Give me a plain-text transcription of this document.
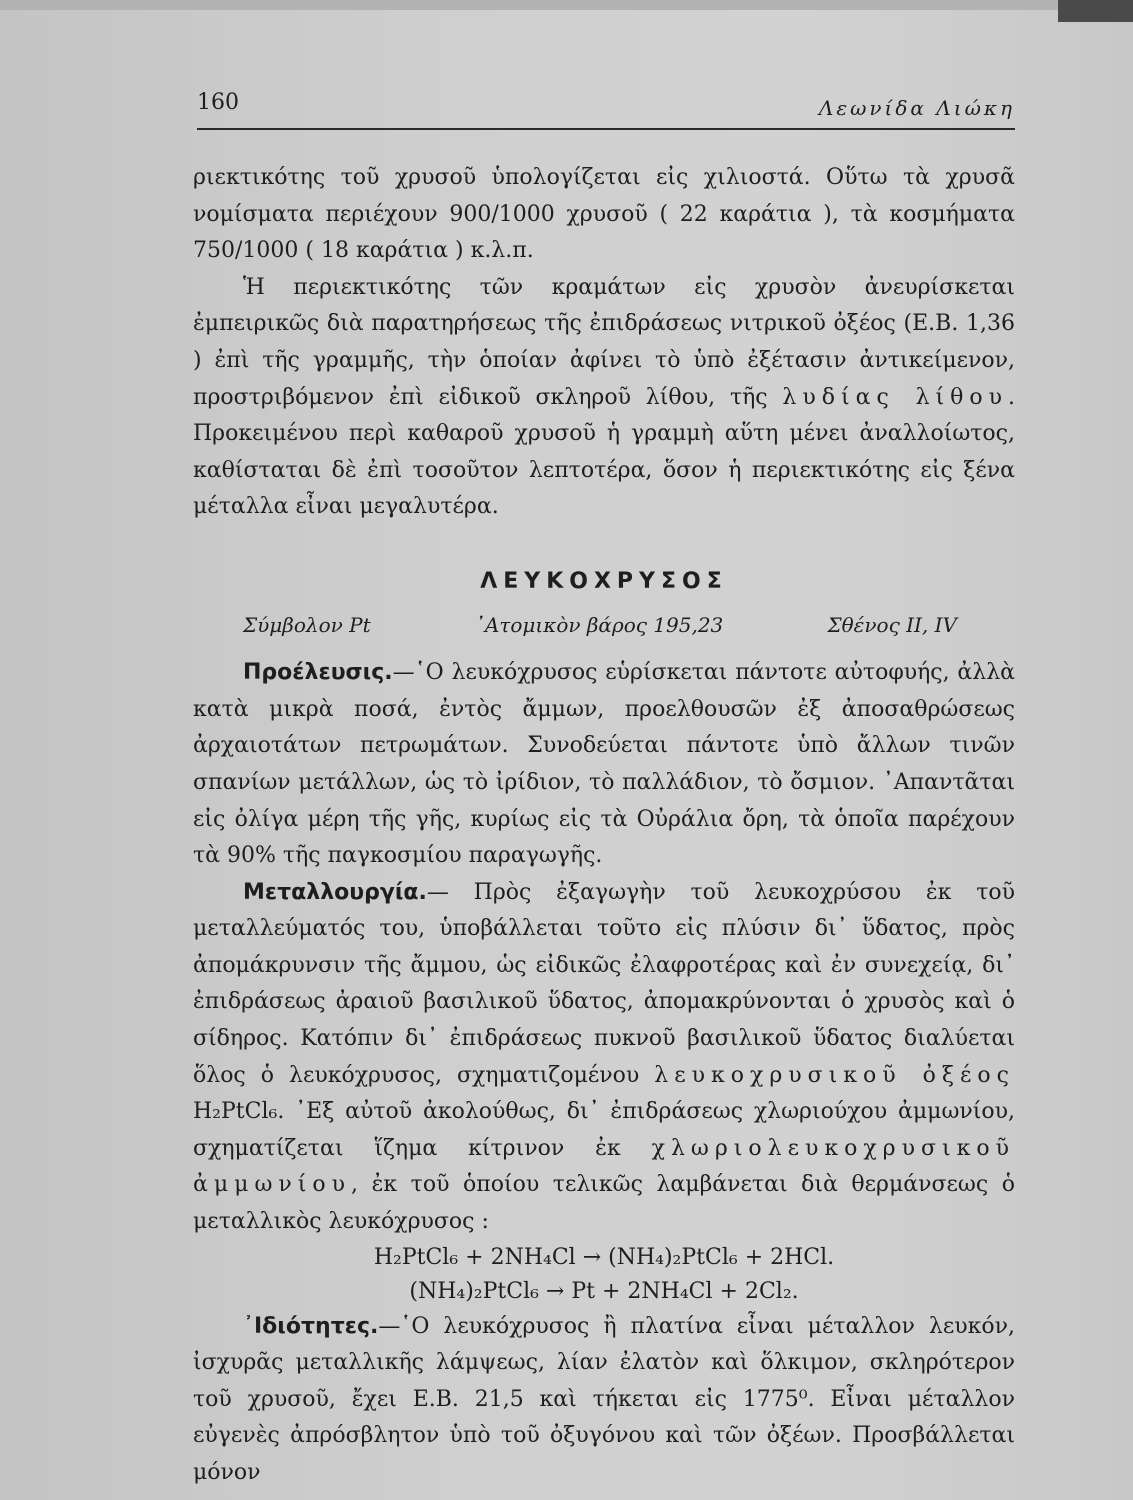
160	Λεωνίδα Λιώκη

ριεκτικότης τοῦ χρυσοῦ ὑπολογίζεται εἰς χιλιοστά. Οὕτω τὰ χρυσᾶ νομίσματα περιέχουν 900/1000 χρυσοῦ ( 22 καράτια ), τὰ κοσμήματα 750/1000 ( 18 καράτια ) κ.λ.π.

Ἡ περιεκτικότης τῶν κραμάτων εἰς χρυσὸν ἀνευρίσκεται ἐμπειρικῶς διὰ παρατηρήσεως τῆς ἐπιδράσεως νιτρικοῦ ὀξέος (Ε.Β. 1,36 ) ἐπὶ τῆς γραμμῆς, τὴν ὁποίαν ἀφίνει τὸ ὑπὸ ἐξέτασιν ἀντικείμενον, προστριβόμενον ἐπὶ εἰδικοῦ σκληροῦ λίθου, τῆς λυδίας λίθου. Προκειμένου περὶ καθαροῦ χρυσοῦ ἡ γραμμὴ αὕτη μένει ἀναλλοίωτος, καθίσταται δὲ ἐπὶ τοσοῦτον λεπτοτέρα, ὅσον ἡ περιεκτικότης εἰς ξένα μέταλλα εἶναι μεγαλυτέρα.

ΛΕΥΚΟΧΡΥΣΟΣ
Σύμβολον Pt	᾿Ατομικὸν βάρος 195,23	Σθένος II, IV

Προέλευσις.—῾Ο λευκόχρυσος εὑρίσκεται πάντοτε αὐτοφυής, ἀλλὰ κατὰ μικρὰ ποσά, ἐντὸς ἄμμων, προελθουσῶν ἐξ ἀποσαθρώσεως ἀρχαιοτάτων πετρωμάτων. Συνοδεύεται πάντοτε ὑπὸ ἄλλων τινῶν σπανίων μετάλλων, ὡς τὸ ἰρίδιον, τὸ παλλάδιον, τὸ ὄσμιον. ᾿Απαντᾶται εἰς ὀλίγα μέρη τῆς γῆς, κυρίως εἰς τὰ Οὐράλια ὄρη, τὰ ὁποῖα παρέχουν τὰ 90% τῆς παγκοσμίου παραγωγῆς.

Μεταλλουργία.— Πρὸς ἐξαγωγὴν τοῦ λευκοχρύσου ἐκ τοῦ μεταλλεύματός του, ὑποβάλλεται τοῦτο εἰς πλύσιν δι᾿ ὕδατος, πρὸς ἀπομάκρυνσιν τῆς ἄμμου, ὡς εἰδικῶς ἐλαφροτέρας καὶ ἐν συνεχείᾳ, δι᾿ ἐπιδράσεως ἀραιοῦ βασιλικοῦ ὕδατος, ἀπομακρύνονται ὁ χρυσὸς καὶ ὁ σίδηρος. Κατόπιν δι᾿ ἐπιδράσεως πυκνοῦ βασιλικοῦ ὕδατος διαλύεται ὅλος ὁ λευκόχρυσος, σχηματιζομένου λευκοχρυσικοῦ ὀξέος H₂PtCl₆. ᾿Εξ αὐτοῦ ἀκολούθως, δι᾿ ἐπιδράσεως χλωριούχου ἀμμωνίου, σχηματίζεται ἵζημα κίτρινον ἐκ χλωριολευκοχρυσικοῦ ἀμμωνίου, ἐκ τοῦ ὁποίου τελικῶς λαμβάνεται διὰ θερμάνσεως ὁ μεταλλικὸς λευκόχρυσος :

H₂PtCl₆ + 2NH₄Cl → (NH₄)₂PtCl₆ + 2HCl.
(NH₄)₂PtCl₆ → Pt + 2NH₄Cl + 2Cl₂.

᾿Ιδιότητες.—῾Ο λευκόχρυσος ἢ πλατίνα εἶναι μέταλλον λευκόν, ἰσχυρᾶς μεταλλικῆς λάμψεως, λίαν ἐλατὸν καὶ ὅλκιμον, σκληρότερον τοῦ χρυσοῦ, ἔχει Ε.Β. 21,5 καὶ τήκεται εἰς 1775⁰. Εἶναι μέταλλον εὐγενὲς ἀπρόσβλητον ὑπὸ τοῦ ὀξυγόνου καὶ τῶν ὀξέων. Προσβάλλεται μόνον
